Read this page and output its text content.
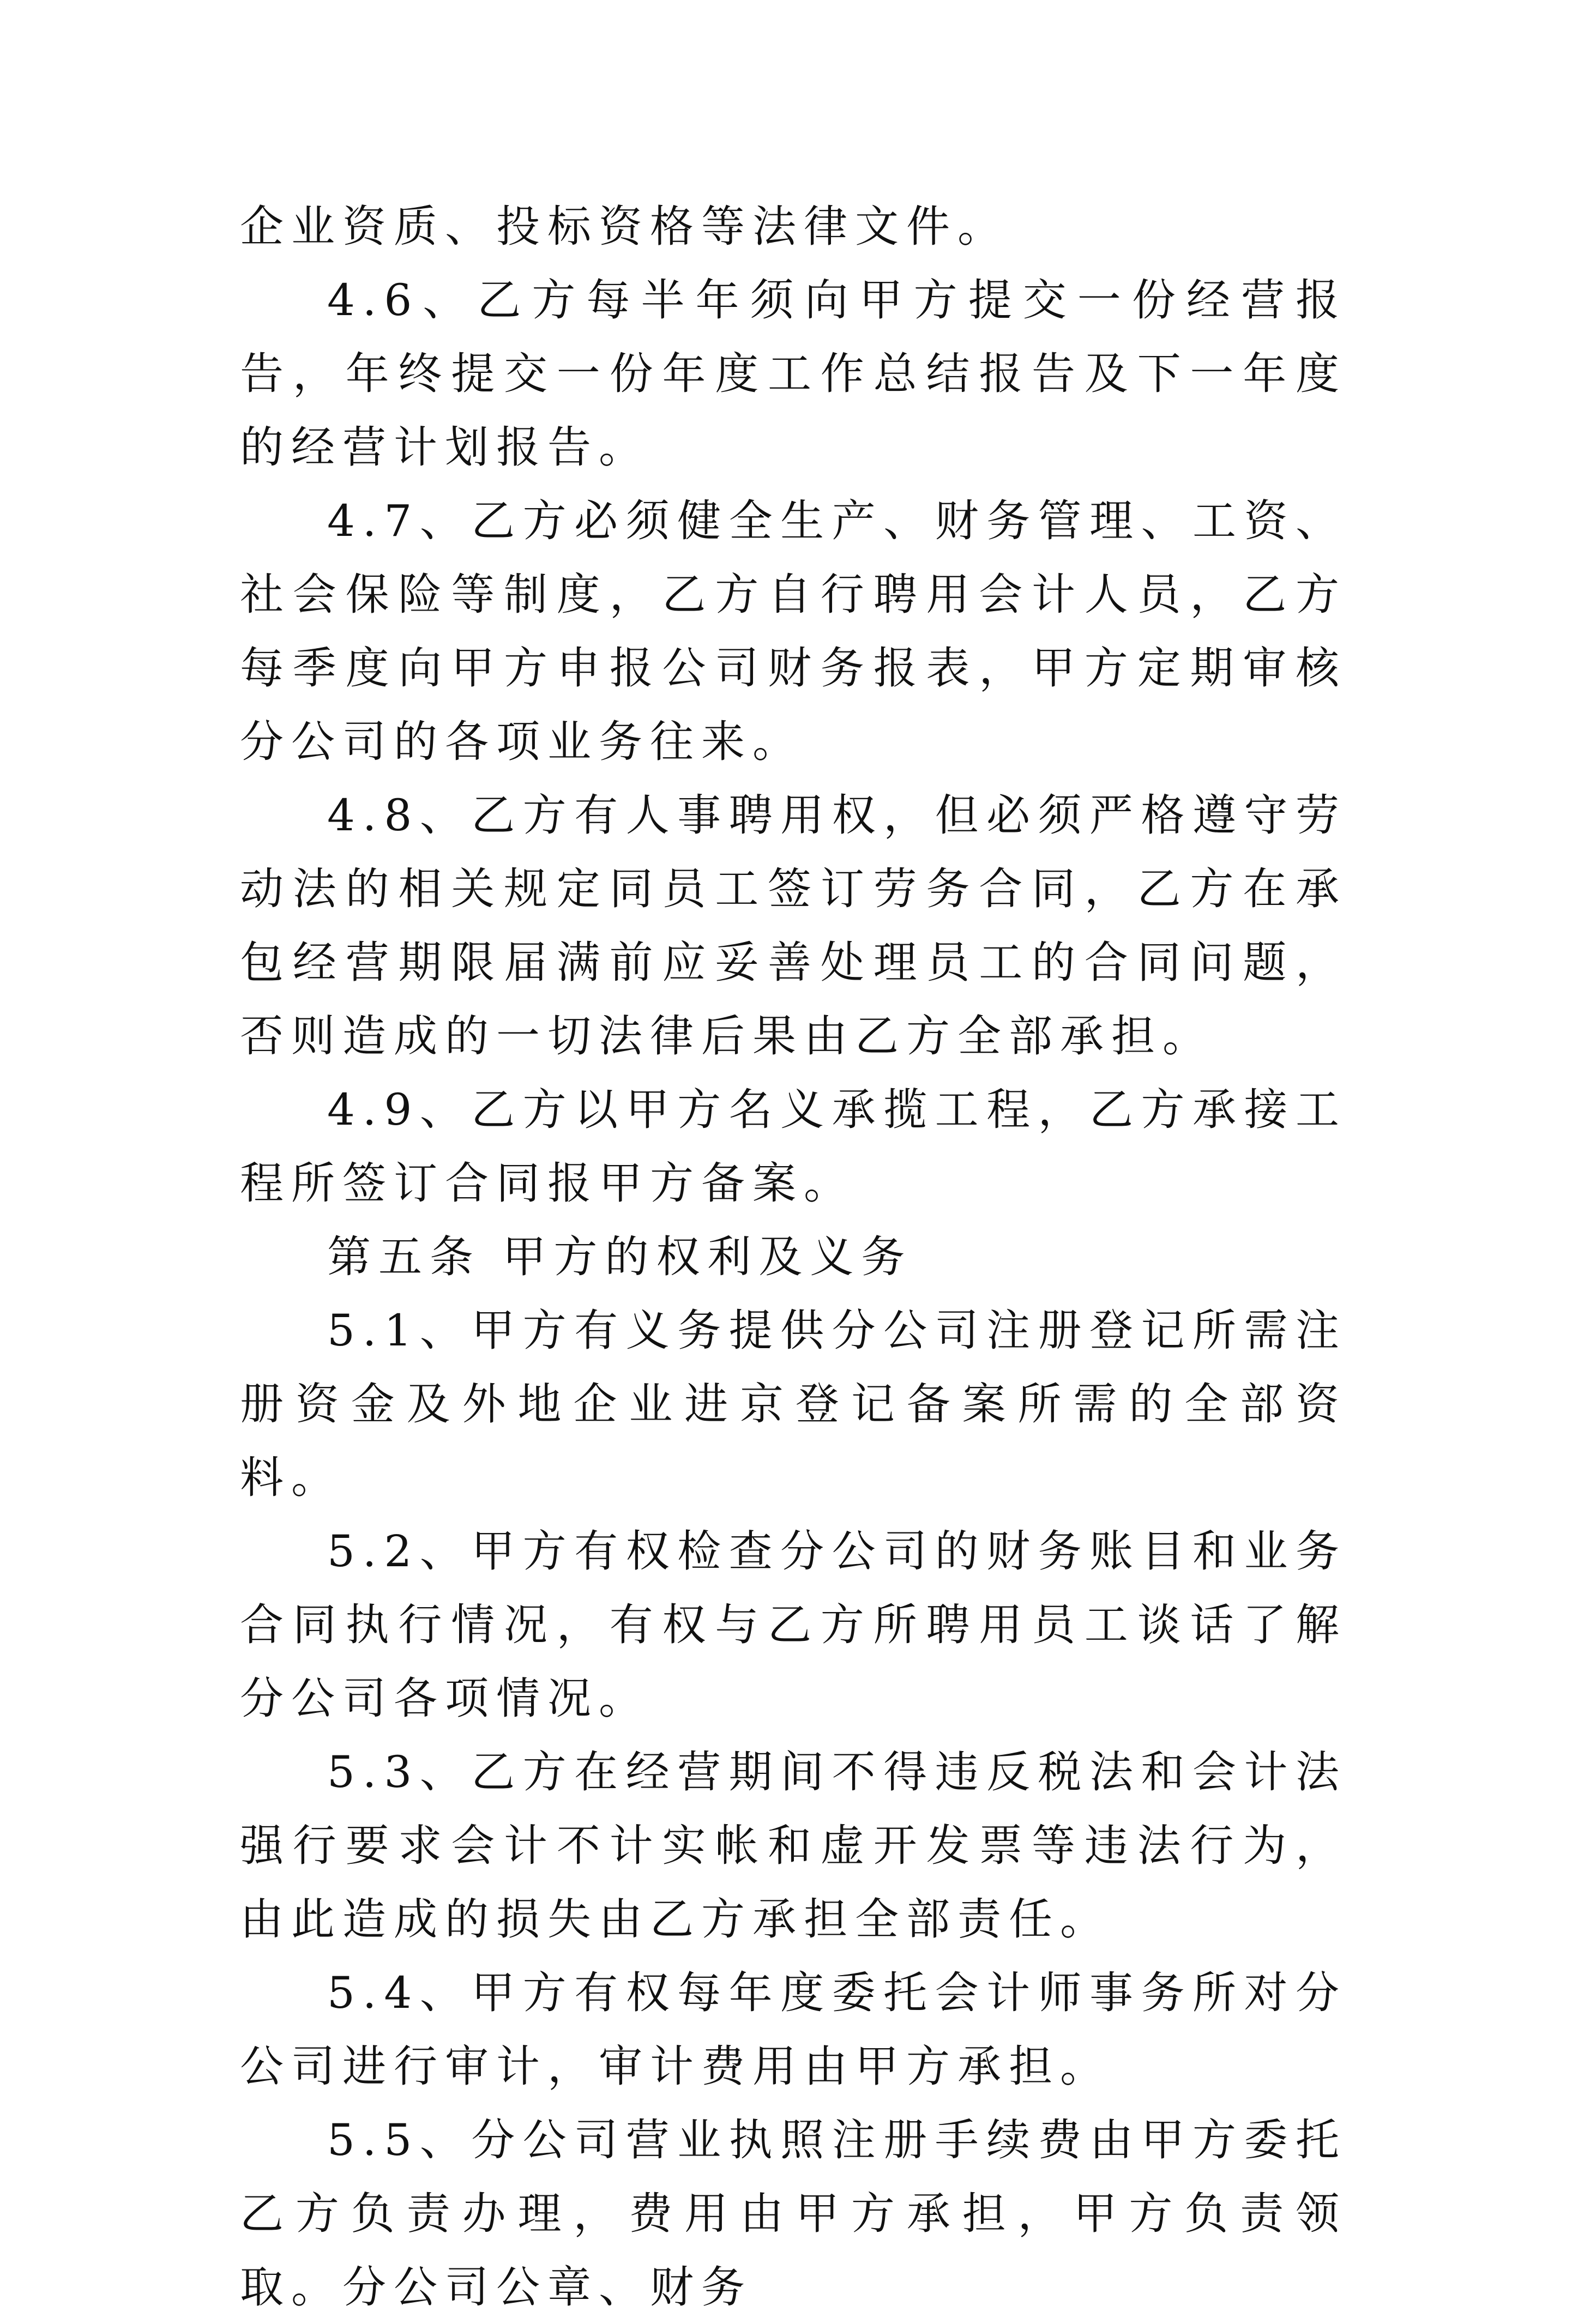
企业资质、投标资格等法律文件。

4.6、乙方每半年须向甲方提交一份经营报告，年终提交一份年度工作总结报告及下一年度的经营计划报告。

4.7、乙方必须健全生产、财务管理、工资、社会保险等制度，乙方自行聘用会计人员，乙方每季度向甲方申报公司财务报表，甲方定期审核分公司的各项业务往来。

4.8、乙方有人事聘用权，但必须严格遵守劳动法的相关规定同员工签订劳务合同，乙方在承包经营期限届满前应妥善处理员工的合同问题，否则造成的一切法律后果由乙方全部承担。

4.9、乙方以甲方名义承揽工程，乙方承接工程所签订合同报甲方备案。

第五条 甲方的权利及义务

5.1、甲方有义务提供分公司注册登记所需注册资金及外地企业进京登记备案所需的全部资料。

5.2、甲方有权检查分公司的财务账目和业务合同执行情况，有权与乙方所聘用员工谈话了解分公司各项情况。

5.3、乙方在经营期间不得违反税法和会计法强行要求会计不计实帐和虚开发票等违法行为，由此造成的损失由乙方承担全部责任。

5.4、甲方有权每年度委托会计师事务所对分公司进行审计，审计费用由甲方承担。

5.5、分公司营业执照注册手续费由甲方委托乙方负责办理，费用由甲方承担，甲方负责领取。分公司公章、财务
